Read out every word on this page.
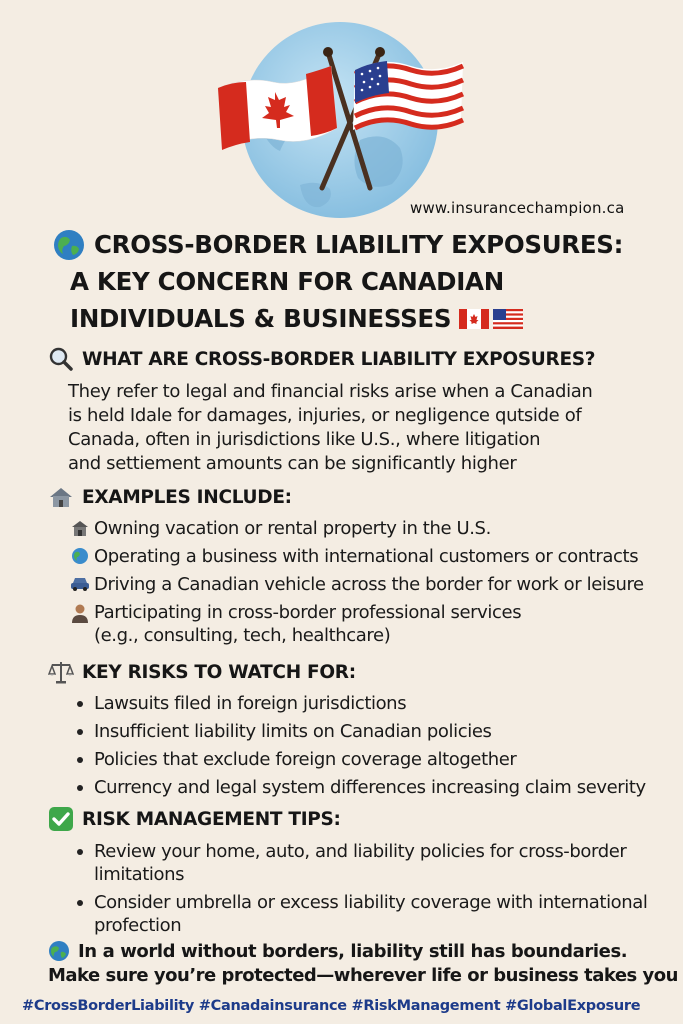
www.insurancechampion.ca
CROSS-BORDER LIABILITY EXPOSURES:
A KEY CONCERN FOR CANADIAN
INDIVIDUALS & BUSINESSES
WHAT ARE CROSS-BORDER LIABILITY EXPOSURES?
They refer to legal and financial risks arise when a Canadian
is held Idale for damages, injuries, or negligence qutside of
Canada, often in jurisdictions like U.S., where litigation
and settiement amounts can be significantly higher
EXAMPLES INCLUDE:
Owning vacation or rental property in the U.S.
Operating a business with international customers or contracts
Driving a Canadian vehicle across the border for work or leisure
Participating in cross-border professional services
(e.g., consulting, tech, healthcare)
KEY RISKS TO WATCH FOR:
Lawsuits filed in foreign jurisdictions
Insufficient liability limits on Canadian policies
Policies that exclude foreign coverage altogether
Currency and legal system differences increasing claim severity
RISK MANAGEMENT TIPS:
Review your home, auto, and liability policies for cross-border
limitations
Consider umbrella or excess liability coverage with international
profection
In a world without borders, liability still has boundaries.
Make sure you’re protected—wherever life or business takes you
#CrossBorderLiability #Canadainsurance #RiskManagement #GlobalExposure
